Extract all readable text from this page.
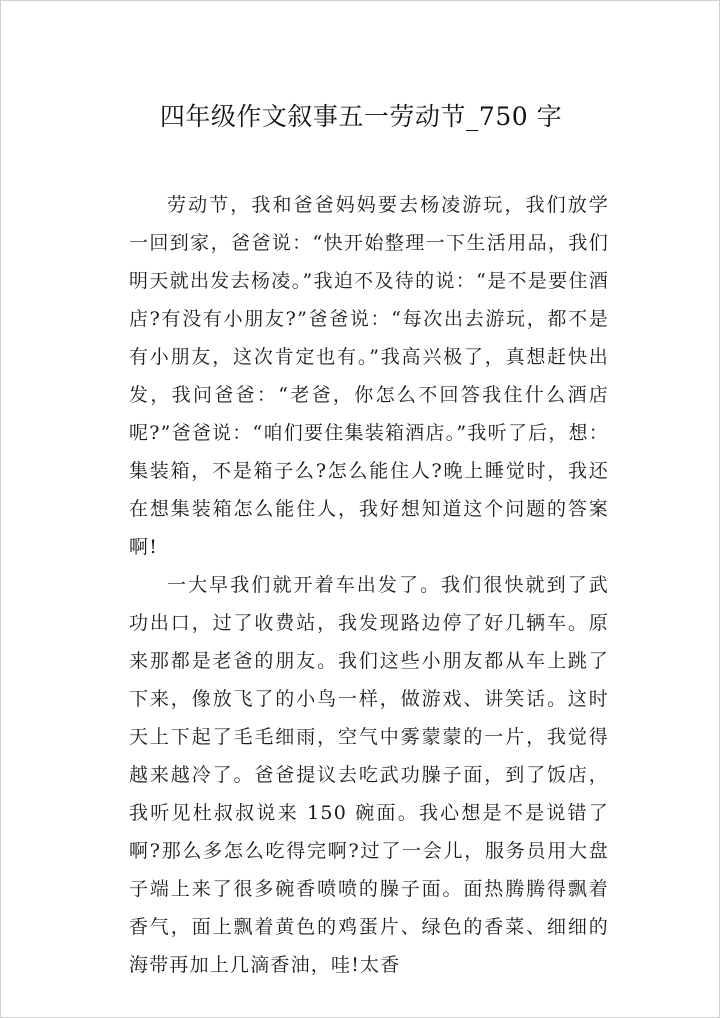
四年级作文叙事五一劳动节_750 字

劳动节，我和爸爸妈妈要去杨凌游玩，我们放学一回到家，爸爸说：“快开始整理一下生活用品，我们明天就出发去杨凌。”我迫不及待的说：“是不是要住酒店?有没有小朋友?”爸爸说：“每次出去游玩，都不是有小朋友，这次肯定也有。”我高兴极了，真想赶快出发，我问爸爸：“老爸，你怎么不回答我住什么酒店呢?”爸爸说：“咱们要住集装箱酒店。”我听了后，想：集装箱，不是箱子么?怎么能住人?晚上睡觉时，我还在想集装箱怎么能住人，我好想知道这个问题的答案啊!

一大早我们就开着车出发了。我们很快就到了武功出口，过了收费站，我发现路边停了好几辆车。原来那都是老爸的朋友。我们这些小朋友都从车上跳了下来，像放飞了的小鸟一样，做游戏、讲笑话。这时天上下起了毛毛细雨，空气中雾蒙蒙的一片，我觉得越来越冷了。爸爸提议去吃武功臊子面，到了饭店，我听见杜叔叔说来 150 碗面。我心想是不是说错了啊?那么多怎么吃得完啊?过了一会儿，服务员用大盘子端上来了很多碗香喷喷的臊子面。面热腾腾得飘着香气，面上飘着黄色的鸡蛋片、绿色的香菜、细细的海带再加上几滴香油，哇!太香
